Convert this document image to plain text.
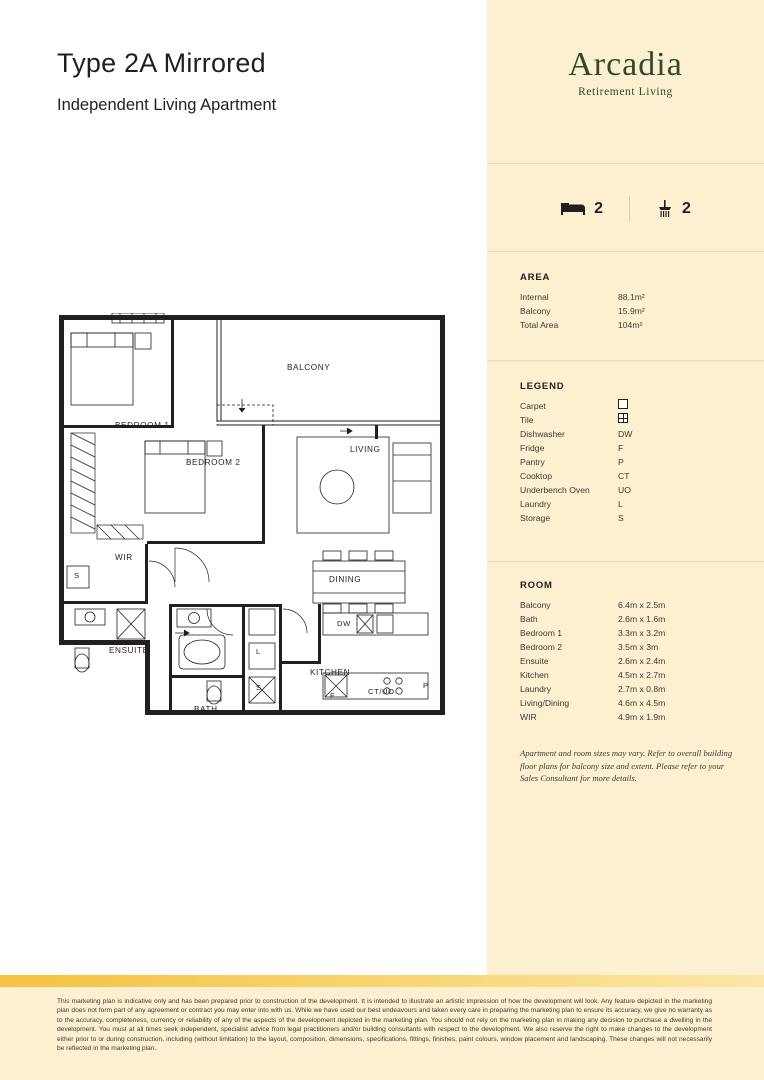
Type 2A Mirrored
Independent Living Apartment
BALCONY
BEDROOM 1
BEDROOM 2
LIVING
DINING
WIR
ENSUITE
BATH
KITCHEN
DW
CT/UO
P
F
L
S
S
Arcadia
Retirement Living
2	2
AREA
Internal	88.1m²
Balcony	15.9m²
Total Area	104m²
LEGEND
Carpet
Tile
Dishwasher	DW
Fridge	F
Pantry	P
Cooktop	CT
Underbench Oven	UO
Laundry	L
Storage	S
ROOM
Balcony	6.4m x 2.5m
Bath	2.6m x 1.6m
Bedroom 1	3.3m x 3.2m
Bedroom 2	3.5m x 3m
Ensuite	2.6m x 2.4m
Kitchen	4.5m x 2.7m
Laundry	2.7m x 0.8m
Living/Dining	4.6m x 4.5m
WIR	4.9m x 1.9m
Apartment and room sizes may vary. Refer to overall building floor plans for balcony size and extent. Please refer to your Sales Consultant for more details.
This marketing plan is indicative only and has been prepared prior to construction of the development. It is intended to illustrate an artistic impression of how the development will look. Any feature depicted in the marketing plan does not form part of any agreement or contract you may enter into with us. While we have used our best endeavours and taken every care in preparing the marketing plan to ensure its accuracy, we give no warranty as to the accuracy, completeness, currency or reliability of any of the aspects of the development depicted in the marketing plan. You should not rely on the marketing plan in making any decision to purchase a dwelling in the development. You must at all times seek independent, specialist advice from legal practitioners and/or building consultants with respect to the development. We also reserve the right to make changes to the development either prior to or during construction, including (without limitation) to the layout, composition, dimensions, specifications, fittings, finishes, paint colours, window placement and landscaping. These changes will not necessarily be reflected in the marketing plan.
